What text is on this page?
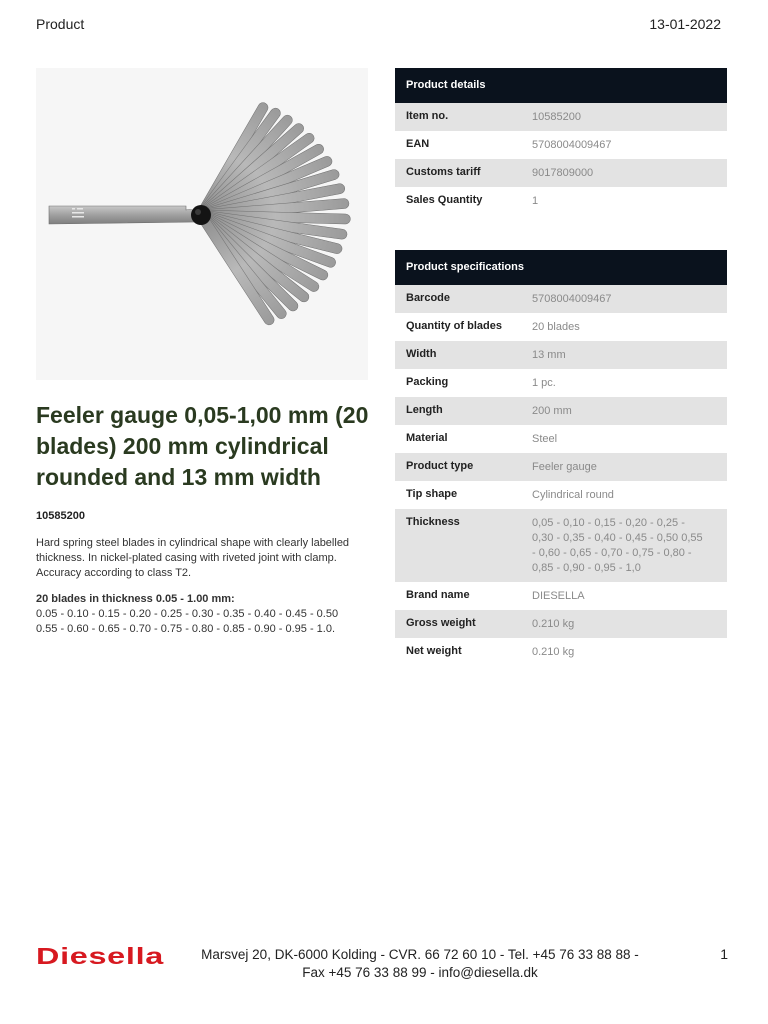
Product	13-01-2022
Feeler gauge 0,05-1,00 mm (20 blades) 200 mm cylindrical rounded and 13 mm width
10585200
Hard spring steel blades in cylindrical shape with clearly labelled thickness. In nickel-plated casing with riveted joint with clamp. Accuracy according to class T2.
20 blades in thickness 0.05 - 1.00 mm:
0.05 - 0.10 - 0.15 - 0.20 - 0.25 - 0.30 - 0.35 - 0.40 - 0.45 - 0.50
0.55 - 0.60 - 0.65 - 0.70 - 0.75 - 0.80 - 0.85 - 0.90 - 0.95 - 1.0.
Product details
Item no.	10585200
EAN	5708004009467
Customs tariff	9017809000
Sales Quantity	1
Product specifications
Barcode	5708004009467
Quantity of blades	20 blades
Width	13 mm
Packing	1 pc.
Length	200 mm
Material	Steel
Product type	Feeler gauge
Tip shape	Cylindrical round
Thickness	0,05 - 0,10 - 0,15 - 0,20 - 0,25 - 0,30 - 0,35 - 0,40 - 0,45 - 0,50 0,55 - 0,60 - 0,65 - 0,70 - 0,75 - 0,80 - 0,85 - 0,90 - 0,95 - 1,0
Brand name	DIESELLA
Gross weight	0.210 kg
Net weight	0.210 kg
Diesella	Marsvej 20, DK-6000 Kolding - CVR. 66 72 60 10 - Tel. +45 76 33 88 88 -
Fax +45 76 33 88 99 - info@diesella.dk
1
